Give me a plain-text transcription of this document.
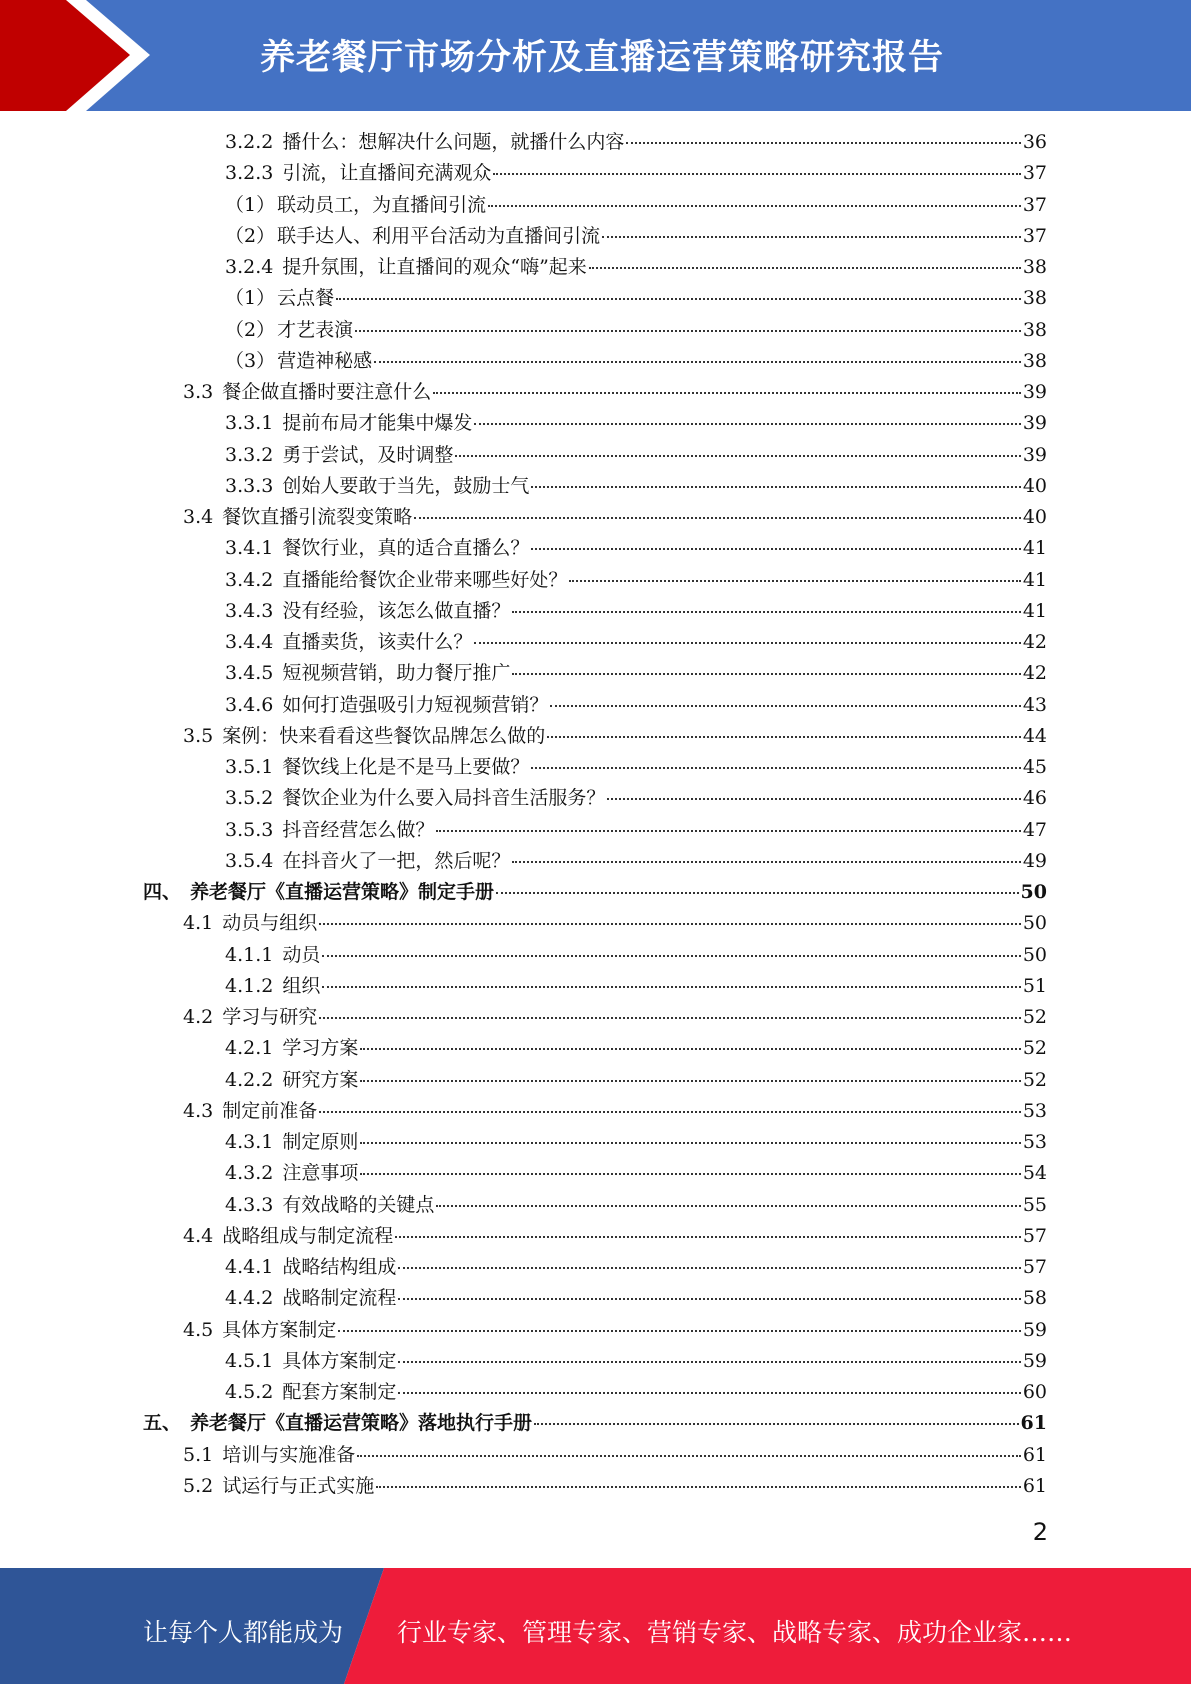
养老餐厅市场分析及直播运营策略研究报告
3.2.2 播什么：想解决什么问题，就播什么内容	36
3.2.3 引流，让直播间充满观众	37
（1） 联动员工，为直播间引流	37
（2） 联手达人、利用平台活动为直播间引流	37
3.2.4 提升氛围，让直播间的观众“嗨”起来	38
（1） 云点餐	38
（2） 才艺表演	38
（3） 营造神秘感	38
3.3 餐企做直播时要注意什么	39
3.3.1 提前布局才能集中爆发	39
3.3.2 勇于尝试，及时调整	39
3.3.3 创始人要敢于当先，鼓励士气	40
3.4 餐饮直播引流裂变策略	40
3.4.1 餐饮行业，真的适合直播么？	41
3.4.2 直播能给餐饮企业带来哪些好处？	41
3.4.3 没有经验，该怎么做直播？	41
3.4.4 直播卖货，该卖什么？	42
3.4.5 短视频营销，助力餐厅推广	42
3.4.6 如何打造强吸引力短视频营销？	43
3.5 案例：快来看看这些餐饮品牌怎么做的	44
3.5.1 餐饮线上化是不是马上要做？	45
3.5.2 餐饮企业为什么要入局抖音生活服务？	46
3.5.3 抖音经营怎么做？	47
3.5.4 在抖音火了一把，然后呢？	49
四、 养老餐厅《直播运营策略》制定手册	50
4.1 动员与组织	50
4.1.1 动员	50
4.1.2 组织	51
4.2 学习与研究	52
4.2.1 学习方案	52
4.2.2 研究方案	52
4.3 制定前准备	53
4.3.1 制定原则	53
4.3.2 注意事项	54
4.3.3 有效战略的关键点	55
4.4 战略组成与制定流程	57
4.4.1 战略结构组成	57
4.4.2 战略制定流程	58
4.5 具体方案制定	59
4.5.1 具体方案制定	59
4.5.2 配套方案制定	60
五、 养老餐厅《直播运营策略》落地执行手册	61
5.1 培训与实施准备	61
5.2 试运行与正式实施	61
2
让每个人都能成为 行业专家、管理专家、营销专家、战略专家、成功企业家……
